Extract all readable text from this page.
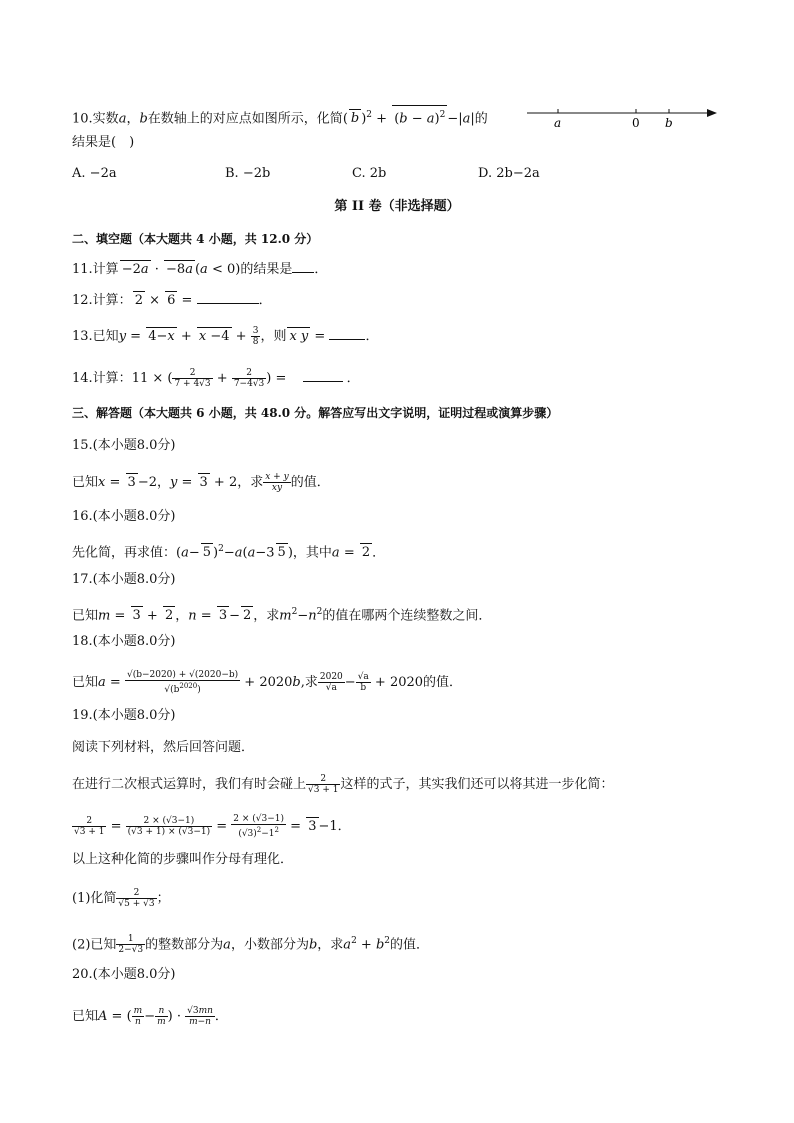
10.实数a，b在数轴上的对应点如图所示，化简( b )$^2 + (b - a)^2 -|a|$的	a	0 b
结果是(　)
A. −2a	B. −2b	C. 2b	D. 2b−2a
第 II 卷（非选择题）
二、填空题（本大题共 4 小题，共 12.0 分）
11.计算 −2a · −8a (a < 0)的结果是 ．
12.计算： 2 × 6 =	．
13.已知$y = 4-x + x -4 + \frac{3}{8}$ ，则 x y =	．
14.计算：11 × ( $\frac{2}{7 + 4√3} + \frac{2}{7-4√3}$ ) =	．
三、解答题（本大题共 6 小题，共 48.0 分。解答应写出文字说明，证明过程或演算步骤）
15.(本小题8.0分)
已知x = 3 −2，y = 3 + 2，求 $\frac{x + y}{xy}$ 的值．
16.(本小题8.0分)
先化简，再求值：(a− 5 )$^2$−a(a−3 5 )，其中a = 2 ．
17.(本小题8.0分)
已知m = 3 + 2 ，n = 3 − 2 ，求$m^2-n^2$的值在哪两个连续整数之间．
18.(本小题8.0分)
已知$a = \frac{√(b-2020) + √(2020-b)}{√(b^{2020})} + 2020b$,求 $\frac{2020}{√a} - \frac{√a}{b} + 2020$的值．
19.(本小题8.0分)
阅读下列材料，然后回答问题．
在进行二次根式运算时，我们有时会碰上 $\frac{2}{√3 + 1}$ 这样的式子，其实我们还可以将其进一步化简：
$\frac{2}{√3 + 1} = \frac{2 \times (√3-1)}{(√3 + 1) \times (√3-1)} = \frac{2 \times (√3-1)}{(√3)^2-1^2} = 3 -1$．
以上这种化简的步骤叫作分母有理化．
(1)化简 $\frac{2}{√5 + √3}$ ；
(2)已知 $\frac{1}{2-√3}$ 的整数部分为a，小数部分为b，求$a^2 + b^2$的值．
20.(本小题8.0分)
已知A = ( $\frac{m}{n} - \frac{n}{m}$ ) · $\frac{√3mn}{m-n}$ ．
